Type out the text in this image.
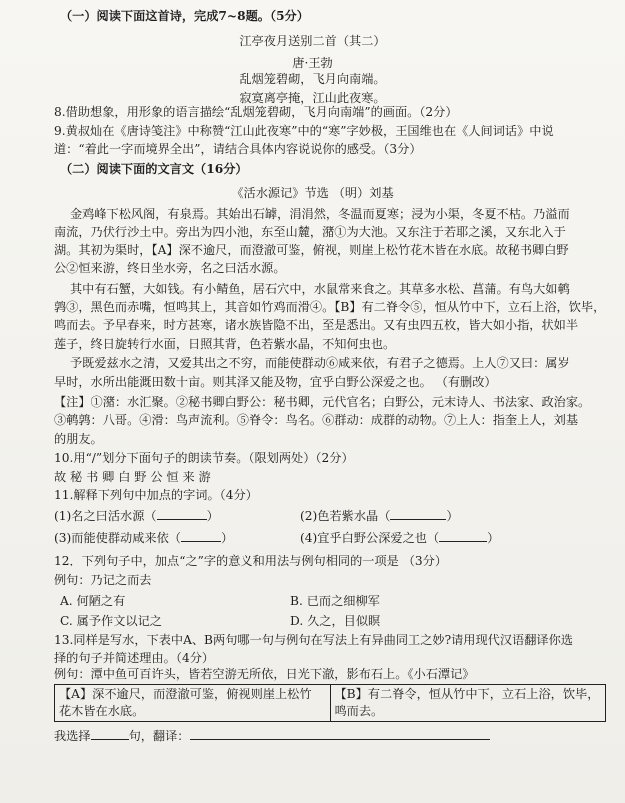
（一）阅读下面这首诗，完成7~8题。（5分）
江亭夜月送别二首（其二）
唐·王勃
乱烟笼碧砌，飞月向南端。
寂寞离亭掩，江山此夜寒。
8.借助想象，用形象的语言描绘“乱烟笼碧砌，飞月向南端”的画面。（2分）
9.黄叔灿在《唐诗笺注》中称赞“江山此夜寒”中的“寒”字妙极，王国维也在《人间词话》中说
道：“着此一字而境界全出”，请结合具体内容说说你的感受。（3分）
（二）阅读下面的文言文（16分）
《活水源记》节选 （明）刘基
金鸡峰下松风阁，有泉焉。其始出石罅，涓涓然，冬温而夏寒；浸为小渠，冬夏不枯。乃溢而
南流，乃伏行沙土中。旁出为四小池，东至山麓，潴①为大池。又东注于若耶之溪，又东北入于
湖。其初为渠时，【A】深不逾尺，而澄澈可鉴，俯视，则崖上松竹花木皆在水底。故秘书卿白野
公②恒来游，终日坐水旁，名之曰活水源。
其中有石蟹，大如钱。有小鲭鱼，居石穴中，水鼠常来食之。其草多水松、菖蒲。有鸟大如鹌
鹑③，黑色而赤嘴，恒鸣其上，其音如竹鸡而滑④。【B】有二脊令⑤，恒从竹中下，立石上浴，饮毕，
鸣而去。予早春来，时方甚寒，诸水族皆隐不出，至是悉出。又有虫四五枚，皆大如小指，状如半
莲子，终日旋转行水面，日照其背，色若紫水晶，不知何虫也。
予既爱兹水之清，又爱其出之不穷，而能使群动⑥咸来依，有君子之德焉。上人⑦又曰：属岁
早时，水所出能溉田数十亩。则其泽又能及物，宜乎白野公深爱之也。 （有删改）
【注】①潴：水汇聚。②秘书卿白野公：秘书卿，元代官名；白野公，元末诗人、书法家、政治家。
③鹌鹑：八哥。④滑：鸟声流利。⑤脊令：鸟名。⑥群动：成群的动物。⑦上人：指奎上人，刘基
的朋友。
10.用“/”划分下面句子的朗读节奏。（限划两处）（2分）
故 秘 书 卿 白 野 公 恒 来 游
11.解释下列句中加点的字词。（4分）
(1)名之曰活水源（	）	(2)色若紫水晶（	）
(3)而能使群动咸来依（	）	(4)宜乎白野公深爱之也（	）
12．下列句子中，加点“之”字的意义和用法与例句相同的一项是 （3分）
例句：乃记之而去
A. 何陋之有	B. 已而之细柳军
C. 属予作文以记之	D. 久之，目似瞑
13.同样是写水，下表中A、B两句哪一句与例句在写法上有异曲同工之妙?请用现代汉语翻译你选
择的句子并简述理由。（4分）
例句：潭中鱼可百许头，皆若空游无所依，日光下澈，影布石上。《小石潭记》
【A】深不逾尺，而澄澈可鉴，俯视则崖上松竹
花木皆在水底。

【B】有二脊令，恒从竹中下，立石上浴，饮毕，
鸣而去。
我选择	句，翻译：
